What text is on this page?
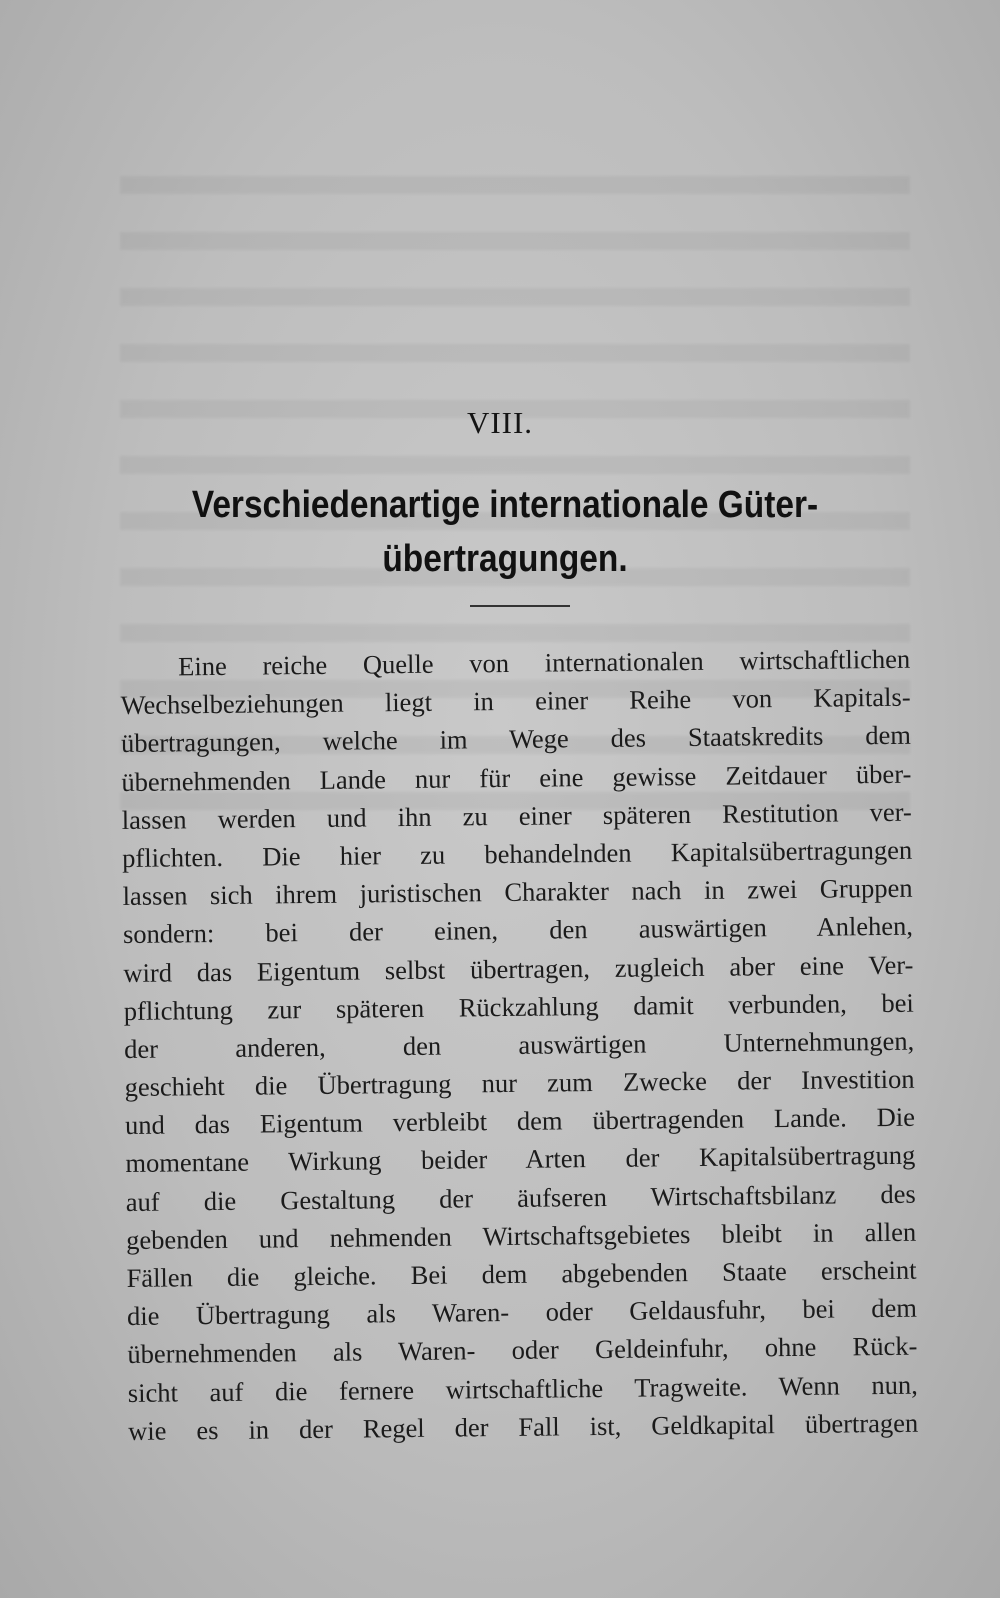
VIII.
Verschiedenartige internationale Güter-
übertragungen.
Eine reiche Quelle von internationalen wirtschaftlichen
Wechselbeziehungen liegt in einer Reihe von Kapitals-
übertragungen, welche im Wege des Staatskredits dem
übernehmenden Lande nur für eine gewisse Zeitdauer über-
lassen werden und ihn zu einer späteren Restitution ver-
pflichten. Die hier zu behandelnden Kapitalsübertragungen
lassen sich ihrem juristischen Charakter nach in zwei Gruppen
sondern: bei der einen, den auswärtigen Anlehen,
wird das Eigentum selbst übertragen, zugleich aber eine Ver-
pflichtung zur späteren Rückzahlung damit verbunden, bei
der anderen, den auswärtigen Unternehmungen,
geschieht die Übertragung nur zum Zwecke der Investition
und das Eigentum verbleibt dem übertragenden Lande. Die
momentane Wirkung beider Arten der Kapitalsübertragung
auf die Gestaltung der äufseren Wirtschaftsbilanz des
gebenden und nehmenden Wirtschaftsgebietes bleibt in allen
Fällen die gleiche. Bei dem abgebenden Staate erscheint
die Übertragung als Waren- oder Geldausfuhr, bei dem
übernehmenden als Waren- oder Geldeinfuhr, ohne Rück-
sicht auf die fernere wirtschaftliche Tragweite. Wenn nun,
wie es in der Regel der Fall ist, Geldkapital übertragen
